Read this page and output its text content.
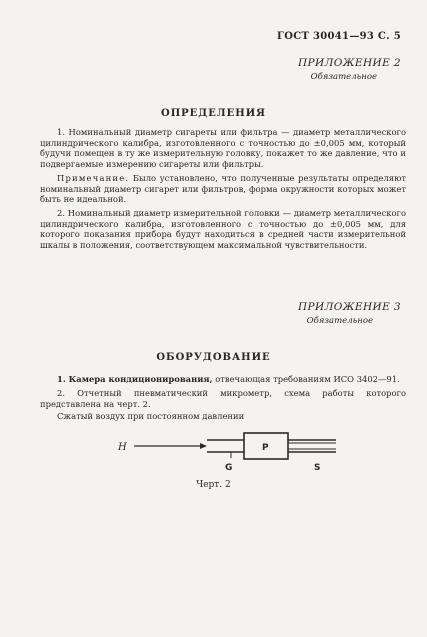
ГОСТ 30041—93 С. 5
ПРИЛОЖЕНИЕ 2
Обязательное
ОПРЕДЕЛЕНИЯ
1. Номинальный диаметр сигареты или фильтра — диаметр металлического цилиндрического калибра, изготовленного с точностью до ±0,005 мм, который будучи помещен в ту же измерительную головку, покажет то же давление, что и подвергаемые измерению сигареты или фильтры.
Примечание. Было установлено, что полученные результаты определяют номинальный диаметр сигарет или фильтров, форма окружности которых может быть не идеальной.
2. Номинальный диаметр измерительной головки — диаметр металлического цилиндрического калибра, изготовленного с точностью до ±0,005 мм, для которого показания прибора будут находиться в средней части измерительной шкалы в положения, соответствующем максимальной чувствительности.
ПРИЛОЖЕНИЕ 3
Обязательное
ОБОРУДОВАНИЕ
1. Камера кондиционирования, отвечающая требованиям ИСО 3402—91.
2. Отчетный пневматический микрометр, схема работы которого представлена на черт. 2.
Сжатый воздух при постоянном давлении
H	P
G	S
Черт. 2
